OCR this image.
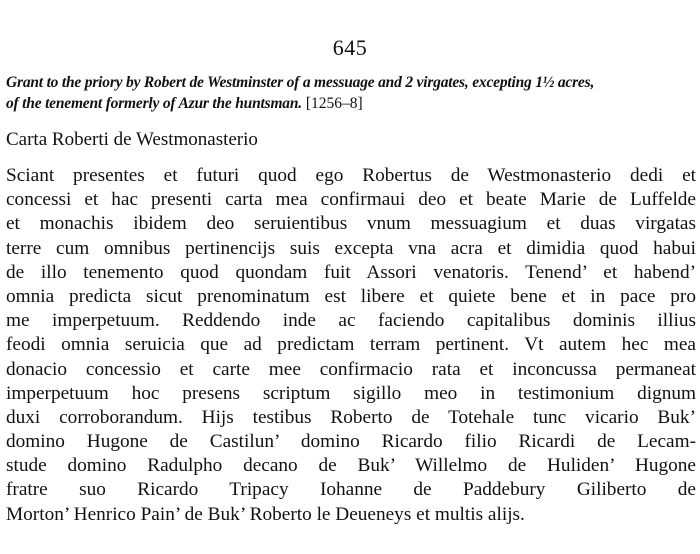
645
Grant to the priory by Robert de Westminster of a messuage and 2 virgates, excepting 1½ acres,
of the tenement formerly of Azur the huntsman. [1256–8]
Carta Roberti de Westmonasterio
Sciant presentes et futuri quod ego Robertus de Westmonasterio dedi et
concessi et hac presenti carta mea confirmaui deo et beate Marie de Luffelde
et monachis ibidem deo seruientibus vnum messuagium et duas virgatas
terre cum omnibus pertinencijs suis excepta vna acra et dimidia quod habui
de illo tenemento quod quondam fuit Assori venatoris. Tenend’ et habend’
omnia predicta sicut prenominatum est libere et quiete bene et in pace pro
me imperpetuum. Reddendo inde ac faciendo capitalibus dominis illius
feodi omnia seruicia que ad predictam terram pertinent. Vt autem hec mea
donacio concessio et carte mee confirmacio rata et inconcussa permaneat
imperpetuum hoc presens scriptum sigillo meo in testimonium dignum
duxi corroborandum. Hijs testibus Roberto de Totehale tunc vicario Buk’
domino Hugone de Castilun’ domino Ricardo filio Ricardi de Lecam-
stude domino Radulpho decano de Buk’ Willelmo de Huliden’ Hugone
fratre suo Ricardo Tripacy Iohanne de Paddebury Giliberto de
Morton’ Henrico Pain’ de Buk’ Roberto le Deueneys et multis alijs.
